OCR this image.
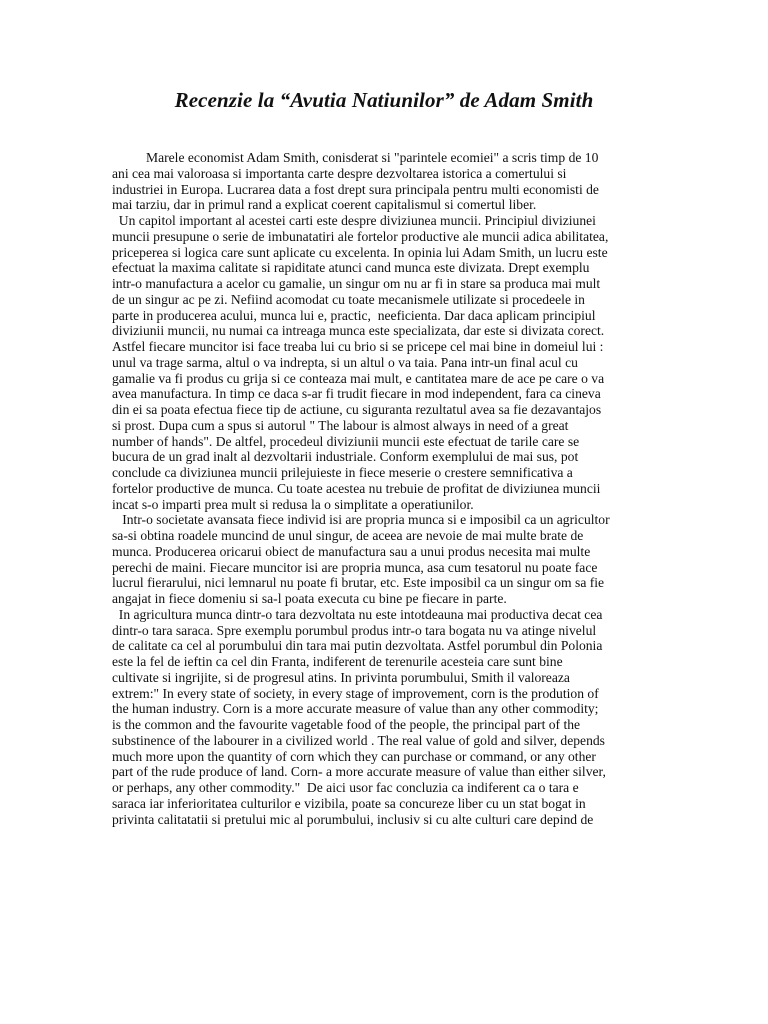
Recenzie la “Avutia Natiunilor” de Adam Smith
Marele economist Adam Smith, conisderat si "parintele ecomiei" a scris timp de 10
ani cea mai valoroasa si importanta carte despre dezvoltarea istorica a comertului si
industriei in Europa. Lucrarea data a fost drept sura principala pentru multi economisti de
mai tarziu, dar in primul rand a explicat coerent capitalismul si comertul liber.
Un capitol important al acestei carti este despre diviziunea muncii. Principiul diviziunei
muncii presupune o serie de imbunatatiri ale fortelor productive ale muncii adica abilitatea,
priceperea si logica care sunt aplicate cu excelenta. In opinia lui Adam Smith, un lucru este
efectuat la maxima calitate si rapiditate atunci cand munca este divizata. Drept exemplu
intr-o manufactura a acelor cu gamalie, un singur om nu ar fi in stare sa produca mai mult
de un singur ac pe zi. Nefiind acomodat cu toate mecanismele utilizate si procedeele in
parte in producerea acului, munca lui e, practic,  neeficienta. Dar daca aplicam principiul
diviziunii muncii, nu numai ca intreaga munca este specializata, dar este si divizata corect.
Astfel fiecare muncitor isi face treaba lui cu brio si se pricepe cel mai bine in domeiul lui :
unul va trage sarma, altul o va indrepta, si un altul o va taia. Pana intr-un final acul cu
gamalie va fi produs cu grija si ce conteaza mai mult, e cantitatea mare de ace pe care o va
avea manufactura. In timp ce daca s-ar fi trudit fiecare in mod independent, fara ca cineva
din ei sa poata efectua fiece tip de actiune, cu siguranta rezultatul avea sa fie dezavantajos
si prost. Dupa cum a spus si autorul " The labour is almost always in need of a great
number of hands". De altfel, procedeul diviziunii muncii este efectuat de tarile care se
bucura de un grad inalt al dezvoltarii industriale. Conform exemplului de mai sus, pot
conclude ca diviziunea muncii prilejuieste in fiece meserie o crestere semnificativa a
fortelor productive de munca. Cu toate acestea nu trebuie de profitat de diviziunea muncii
incat s-o imparti prea mult si redusa la o simplitate a operatiunilor.
Intr-o societate avansata fiece individ isi are propria munca si e imposibil ca un agricultor
sa-si obtina roadele muncind de unul singur, de aceea are nevoie de mai multe brate de
munca. Producerea oricarui obiect de manufactura sau a unui produs necesita mai multe
perechi de maini. Fiecare muncitor isi are propria munca, asa cum tesatorul nu poate face
lucrul fierarului, nici lemnarul nu poate fi brutar, etc. Este imposibil ca un singur om sa fie
angajat in fiece domeniu si sa-l poata executa cu bine pe fiecare in parte.
In agricultura munca dintr-o tara dezvoltata nu este intotdeauna mai productiva decat cea
dintr-o tara saraca. Spre exemplu porumbul produs intr-o tara bogata nu va atinge nivelul
de calitate ca cel al porumbului din tara mai putin dezvoltata. Astfel porumbul din Polonia
este la fel de ieftin ca cel din Franta, indiferent de terenurile acesteia care sunt bine
cultivate si ingrijite, si de progresul atins. In privinta porumbului, Smith il valoreaza
extrem:" In every state of society, in every stage of improvement, corn is the prodution of
the human industry. Corn is a more accurate measure of value than any other commodity;
is the common and the favourite vagetable food of the people, the principal part of the
substinence of the labourer in a civilized world . The real value of gold and silver, depends
much more upon the quantity of corn which they can purchase or command, or any other
part of the rude produce of land. Corn- a more accurate measure of value than either silver,
or perhaps, any other commodity."  De aici usor fac concluzia ca indiferent ca o tara e
saraca iar inferioritatea culturilor e vizibila, poate sa concureze liber cu un stat bogat in
privinta calitatatii si pretului mic al porumbului, inclusiv si cu alte culturi care depind de
